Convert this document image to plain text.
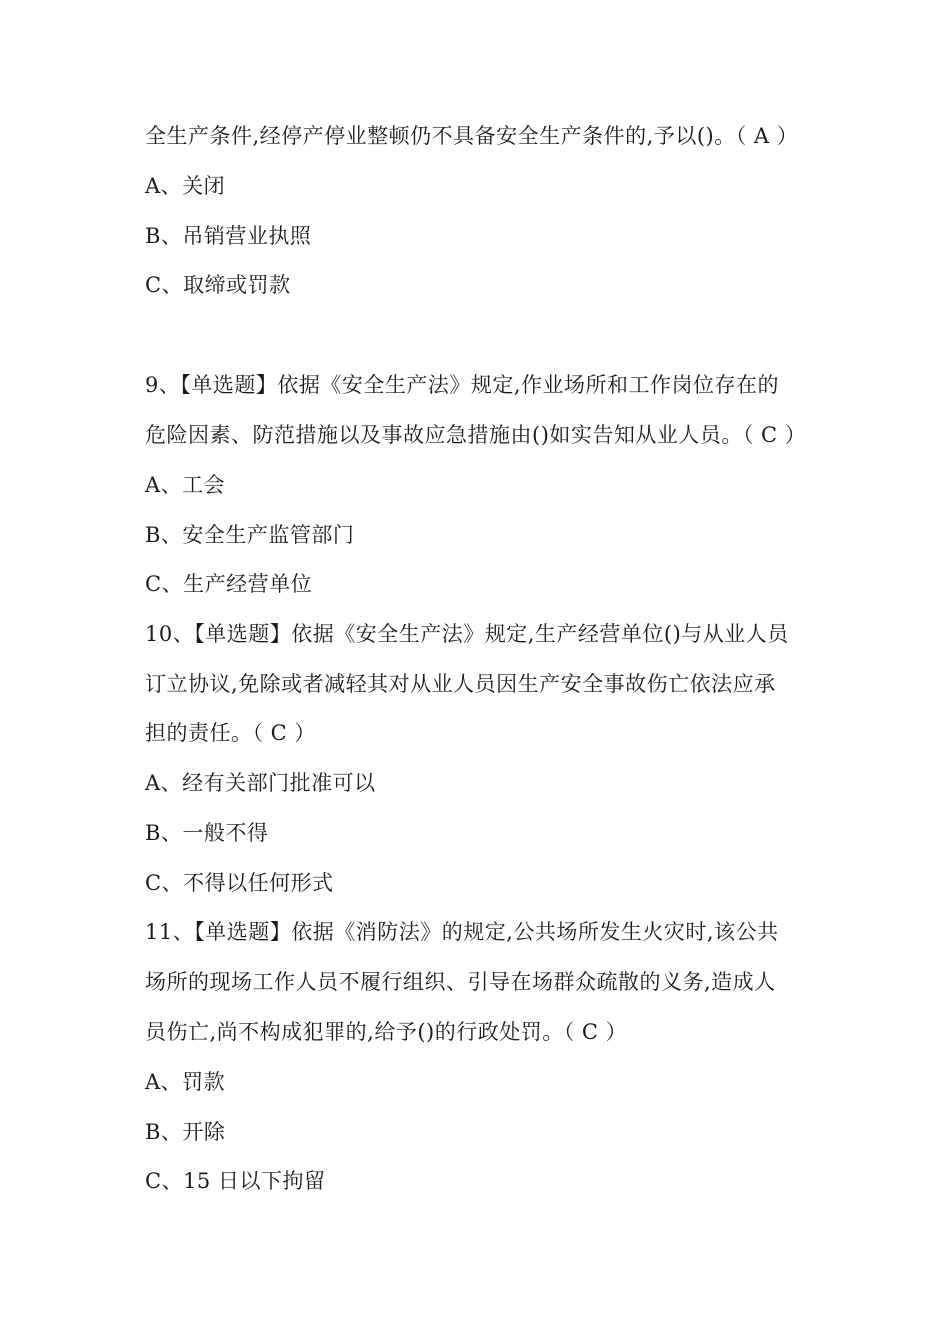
全生产条件,经停产停业整顿仍不具备安全生产条件的,予以()。（ A ）
A、关闭
B、吊销营业执照
C、取缔或罚款
9、【单选题】依据《安全生产法》规定,作业场所和工作岗位存在的
危险因素、防范措施以及事故应急措施由()如实告知从业人员。（ C ）
A、工会
B、安全生产监管部门
C、生产经营单位
10、【单选题】依据《安全生产法》规定,生产经营单位()与从业人员
订立协议,免除或者减轻其对从业人员因生产安全事故伤亡依法应承
担的责任。（ C ）
A、经有关部门批准可以
B、一般不得
C、不得以任何形式
11、【单选题】依据《消防法》的规定,公共场所发生火灾时,该公共
场所的现场工作人员不履行组织、引导在场群众疏散的义务,造成人
员伤亡,尚不构成犯罪的,给予()的行政处罚。（ C ）
A、罚款
B、开除
C、15 日以下拘留
